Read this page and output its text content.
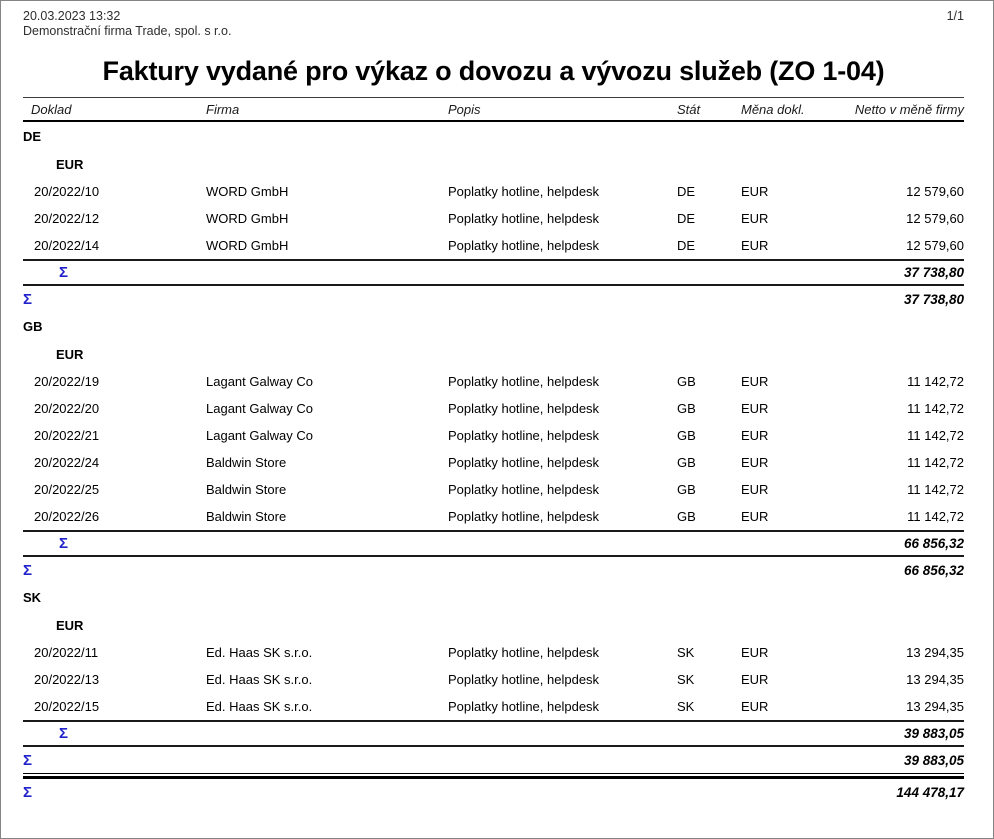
20.03.2023 13:32
Demonstrační firma Trade, spol. s r.o.
1/1
Faktury vydané pro výkaz o dovozu a vývozu služeb (ZO 1-04)
Doklad	Firma	Popis	Stát	Měna dokl.	Netto v měně firmy
DE
EUR
20/2022/10	WORD GmbH	Poplatky hotline, helpdesk	DE	EUR	12 579,60
20/2022/12	WORD GmbH	Poplatky hotline, helpdesk	DE	EUR	12 579,60
20/2022/14	WORD GmbH	Poplatky hotline, helpdesk	DE	EUR	12 579,60
Σ	37 738,80
Σ	37 738,80
GB
EUR
20/2022/19	Lagant Galway Co	Poplatky hotline, helpdesk	GB	EUR	11 142,72
20/2022/20	Lagant Galway Co	Poplatky hotline, helpdesk	GB	EUR	11 142,72
20/2022/21	Lagant Galway Co	Poplatky hotline, helpdesk	GB	EUR	11 142,72
20/2022/24	Baldwin Store	Poplatky hotline, helpdesk	GB	EUR	11 142,72
20/2022/25	Baldwin Store	Poplatky hotline, helpdesk	GB	EUR	11 142,72
20/2022/26	Baldwin Store	Poplatky hotline, helpdesk	GB	EUR	11 142,72
Σ	66 856,32
Σ	66 856,32
SK
EUR
20/2022/11	Ed. Haas SK s.r.o.	Poplatky hotline, helpdesk	SK	EUR	13 294,35
20/2022/13	Ed. Haas SK s.r.o.	Poplatky hotline, helpdesk	SK	EUR	13 294,35
20/2022/15	Ed. Haas SK s.r.o.	Poplatky hotline, helpdesk	SK	EUR	13 294,35
Σ	39 883,05
Σ	39 883,05
Σ	144 478,17
